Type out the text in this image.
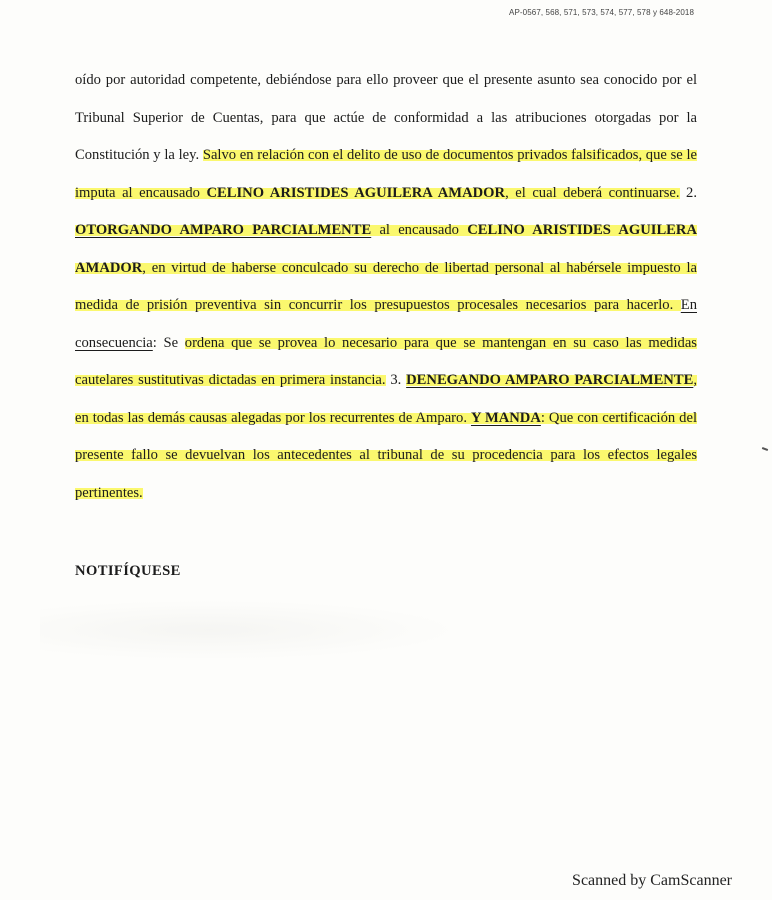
AP-0567, 568, 571, 573, 574, 577, 578 y 648-2018

oído por autoridad competente, debiéndose para ello proveer que el presente asunto sea conocido por el Tribunal Superior de Cuentas, para que actúe de conformidad a las atribuciones otorgadas por la Constitución y la ley. Salvo en relación con el delito de uso de documentos privados falsificados, que se le imputa al encausado CELINO ARISTIDES AGUILERA AMADOR, el cual deberá continuarse. 2. OTORGANDO AMPARO PARCIALMENTE al encausado CELINO ARISTIDES AGUILERA AMADOR, en virtud de haberse conculcado su derecho de libertad personal al habérsele impuesto la medida de prisión preventiva sin concurrir los presupuestos procesales necesarios para hacerlo. En consecuencia: Se ordena que se provea lo necesario para que se mantengan en su caso las medidas cautelares sustitutivas dictadas en primera instancia. 3. DENEGANDO AMPARO PARCIALMENTE, en todas las demás causas alegadas por los recurrentes de Amparo. Y MANDA: Que con certificación del presente fallo se devuelvan los antecedentes al tribunal de su procedencia para los efectos legales pertinentes.

NOTIFÍQUESE
Scanned by CamScanner
